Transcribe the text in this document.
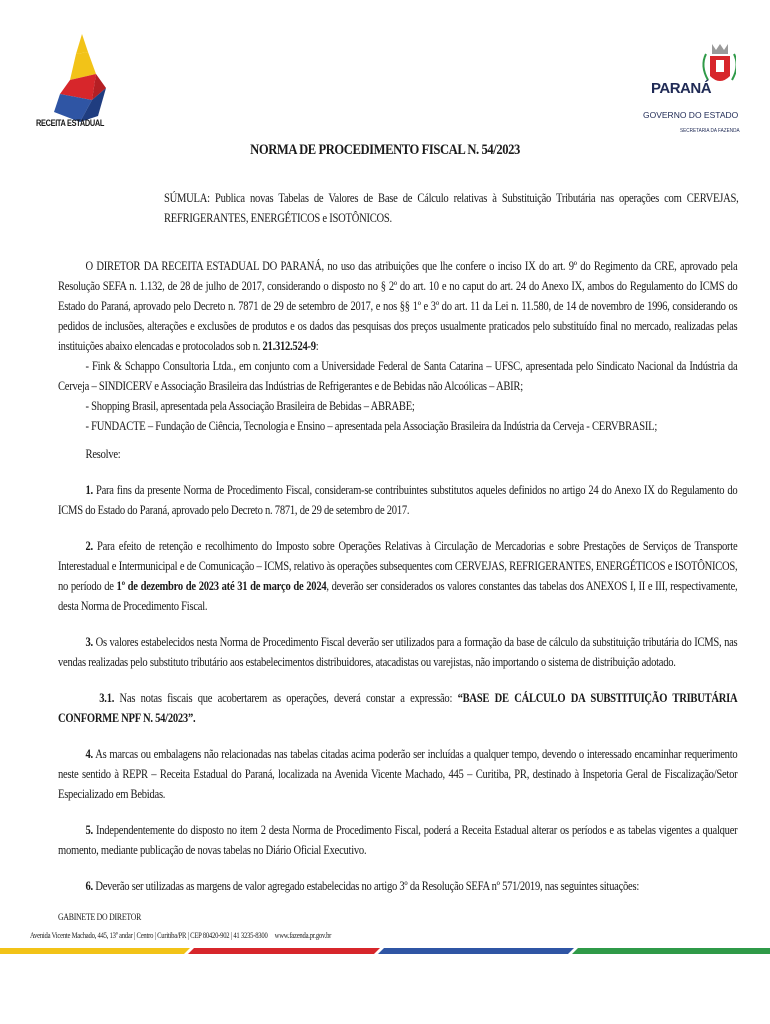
RECEITA ESTADUAL
PARANÁ
GOVERNO DO ESTADO
SECRETARIA DA FAZENDA
NORMA DE PROCEDIMENTO FISCAL N. 54/2023
SÚMULA: Publica novas Tabelas de Valores de Base de Cálculo relativas à Substituição Tributária nas operações com CERVEJAS, REFRIGERANTES, ENERGÉTICOS e ISOTÔNICOS.

O DIRETOR DA RECEITA ESTADUAL DO PARANÁ, no uso das atribuições que lhe confere o inciso IX do art. 9º do Regimento da CRE, aprovado pela Resolução SEFA n. 1.132, de 28 de julho de 2017, considerando o disposto no § 2º do art. 10 e no caput do art. 24 do Anexo IX, ambos do Regulamento do ICMS do Estado do Paraná, aprovado pelo Decreto n. 7871 de 29 de setembro de 2017, e nos §§ 1º e 3º do art. 11 da Lei n. 11.580, de 14 de novembro de 1996, considerando os pedidos de inclusões, alterações e exclusões de produtos e os dados das pesquisas dos preços usualmente praticados pelo substituído final no mercado, realizadas pelas instituições abaixo elencadas e protocolados sob n. 21.312.524-9:

- Fink & Schappo Consultoria Ltda., em conjunto com a Universidade Federal de Santa Catarina – UFSC, apresentada pelo Sindicato Nacional da Indústria da Cerveja – SINDICERV e Associação Brasileira das Indústrias de Refrigerantes e de Bebidas não Alcoólicas – ABIR;

- Shopping Brasil, apresentada pela Associação Brasileira de Bebidas – ABRABE;

- FUNDACTE – Fundação de Ciência, Tecnologia e Ensino – apresentada pela Associação Brasileira da Indústria da Cerveja - CERVBRASIL;

Resolve:

1. Para fins da presente Norma de Procedimento Fiscal, consideram-se contribuintes substitutos aqueles definidos no artigo 24 do Anexo IX do Regulamento do ICMS do Estado do Paraná, aprovado pelo Decreto n. 7871, de 29 de setembro de 2017.

2. Para efeito de retenção e recolhimento do Imposto sobre Operações Relativas à Circulação de Mercadorias e sobre Prestações de Serviços de Transporte Interestadual e Intermunicipal e de Comunicação – ICMS, relativo às operações subsequentes com CERVEJAS, REFRIGERANTES, ENERGÉTICOS e ISOTÔNICOS, no período de 1º de dezembro de 2023 até 31 de março de 2024, deverão ser considerados os valores constantes das tabelas dos ANEXOS I, II e III, respectivamente, desta Norma de Procedimento Fiscal.

3. Os valores estabelecidos nesta Norma de Procedimento Fiscal deverão ser utilizados para a formação da base de cálculo da substituição tributária do ICMS, nas vendas realizadas pelo substituto tributário aos estabelecimentos distribuidores, atacadistas ou varejistas, não importando o sistema de distribuição adotado.

3.1. Nas notas fiscais que acobertarem as operações, deverá constar a expressão: “BASE DE CÁLCULO DA SUBSTITUIÇÃO TRIBUTÁRIA CONFORME NPF N. 54/2023”.

4. As marcas ou embalagens não relacionadas nas tabelas citadas acima poderão ser incluídas a qualquer tempo, devendo o interessado encaminhar requerimento neste sentido à REPR – Receita Estadual do Paraná, localizada na Avenida Vicente Machado, 445 – Curitiba, PR, destinado à Inspetoria Geral de Fiscalização/Setor Especializado em Bebidas.

5. Independentemente do disposto no item 2 desta Norma de Procedimento Fiscal, poderá a Receita Estadual alterar os períodos e as tabelas vigentes a qualquer momento, mediante publicação de novas tabelas no Diário Oficial Executivo.

6. Deverão ser utilizadas as margens de valor agregado estabelecidas no artigo 3º da Resolução SEFA nº 571/2019, nas seguintes situações:

GABINETE DO DIRETOR
Avenida Vicente Machado, 445, 13º andar | Centro | Curitiba/PR | CEP 80420-902 | 41 3235-8300 www.fazenda.pr.gov.br
